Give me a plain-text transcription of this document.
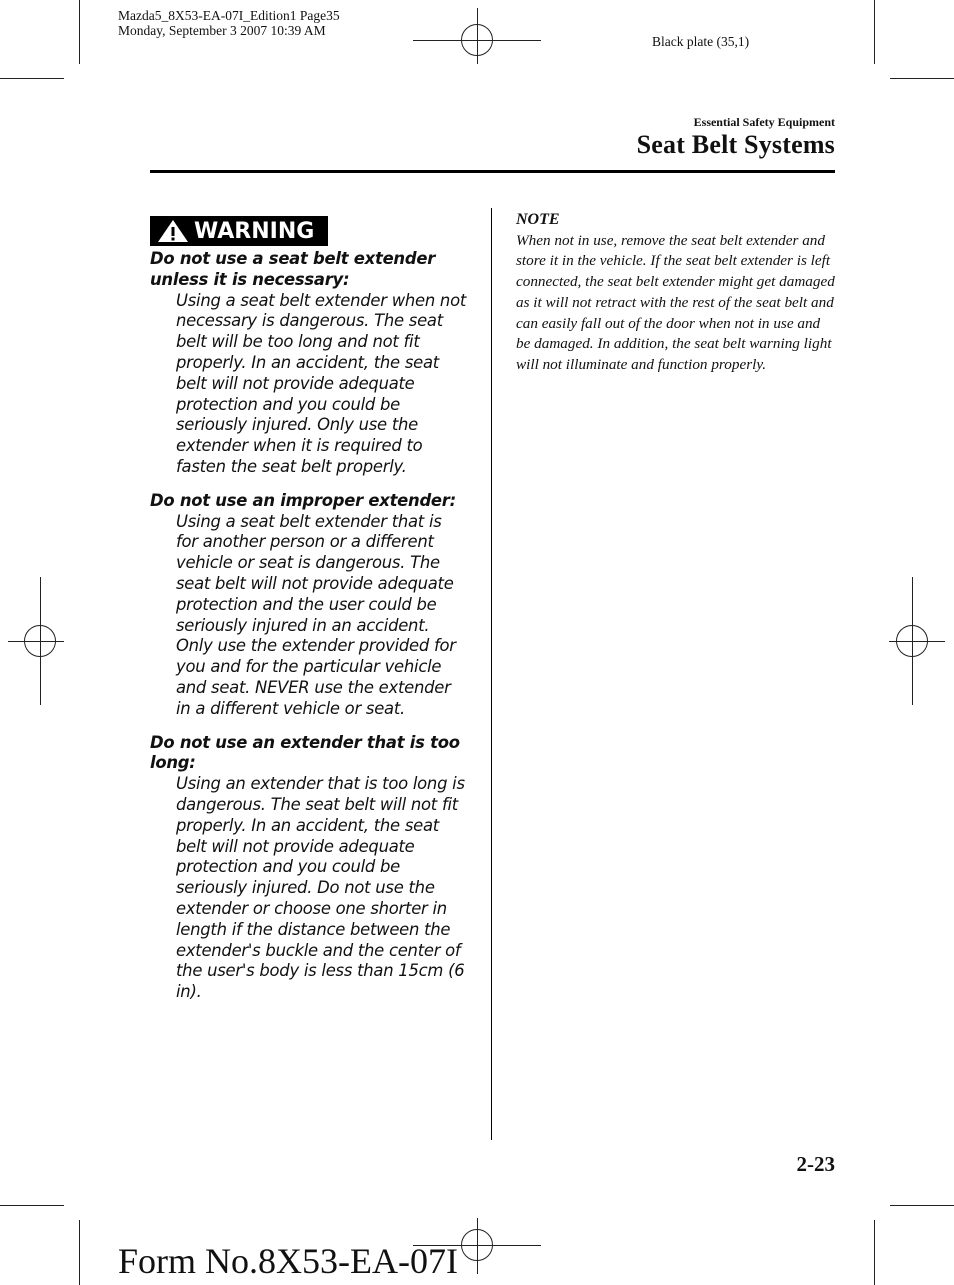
Mazda5_8X53-EA-07I_Edition1 Page35
Monday, September 3 2007 10:39 AM
Black plate (35,1)
Essential Safety Equipment
Seat Belt Systems
WARNING
Do not use a seat belt extender unless it is necessary:
Using a seat belt extender when not necessary is dangerous. The seat belt will be too long and not fit properly. In an accident, the seat belt will not provide adequate protection and you could be seriously injured. Only use the extender when it is required to fasten the seat belt properly.
Do not use an improper extender:
Using a seat belt extender that is for another person or a different vehicle or seat is dangerous. The seat belt will not provide adequate protection and the user could be seriously injured in an accident. Only use the extender provided for you and for the particular vehicle and seat. NEVER use the extender in a different vehicle or seat.
Do not use an extender that is too long:
Using an extender that is too long is dangerous. The seat belt will not fit properly. In an accident, the seat belt will not provide adequate protection and you could be seriously injured. Do not use the extender or choose one shorter in length if the distance between the extender's buckle and the center of the user's body is less than 15cm (6 in).
NOTE
When not in use, remove the seat belt extender and store it in the vehicle. If the seat belt extender is left connected, the seat belt extender might get damaged as it will not retract with the rest of the seat belt and can easily fall out of the door when not in use and be damaged. In addition, the seat belt warning light will not illuminate and function properly.
2-23
Form No.8X53-EA-07I
